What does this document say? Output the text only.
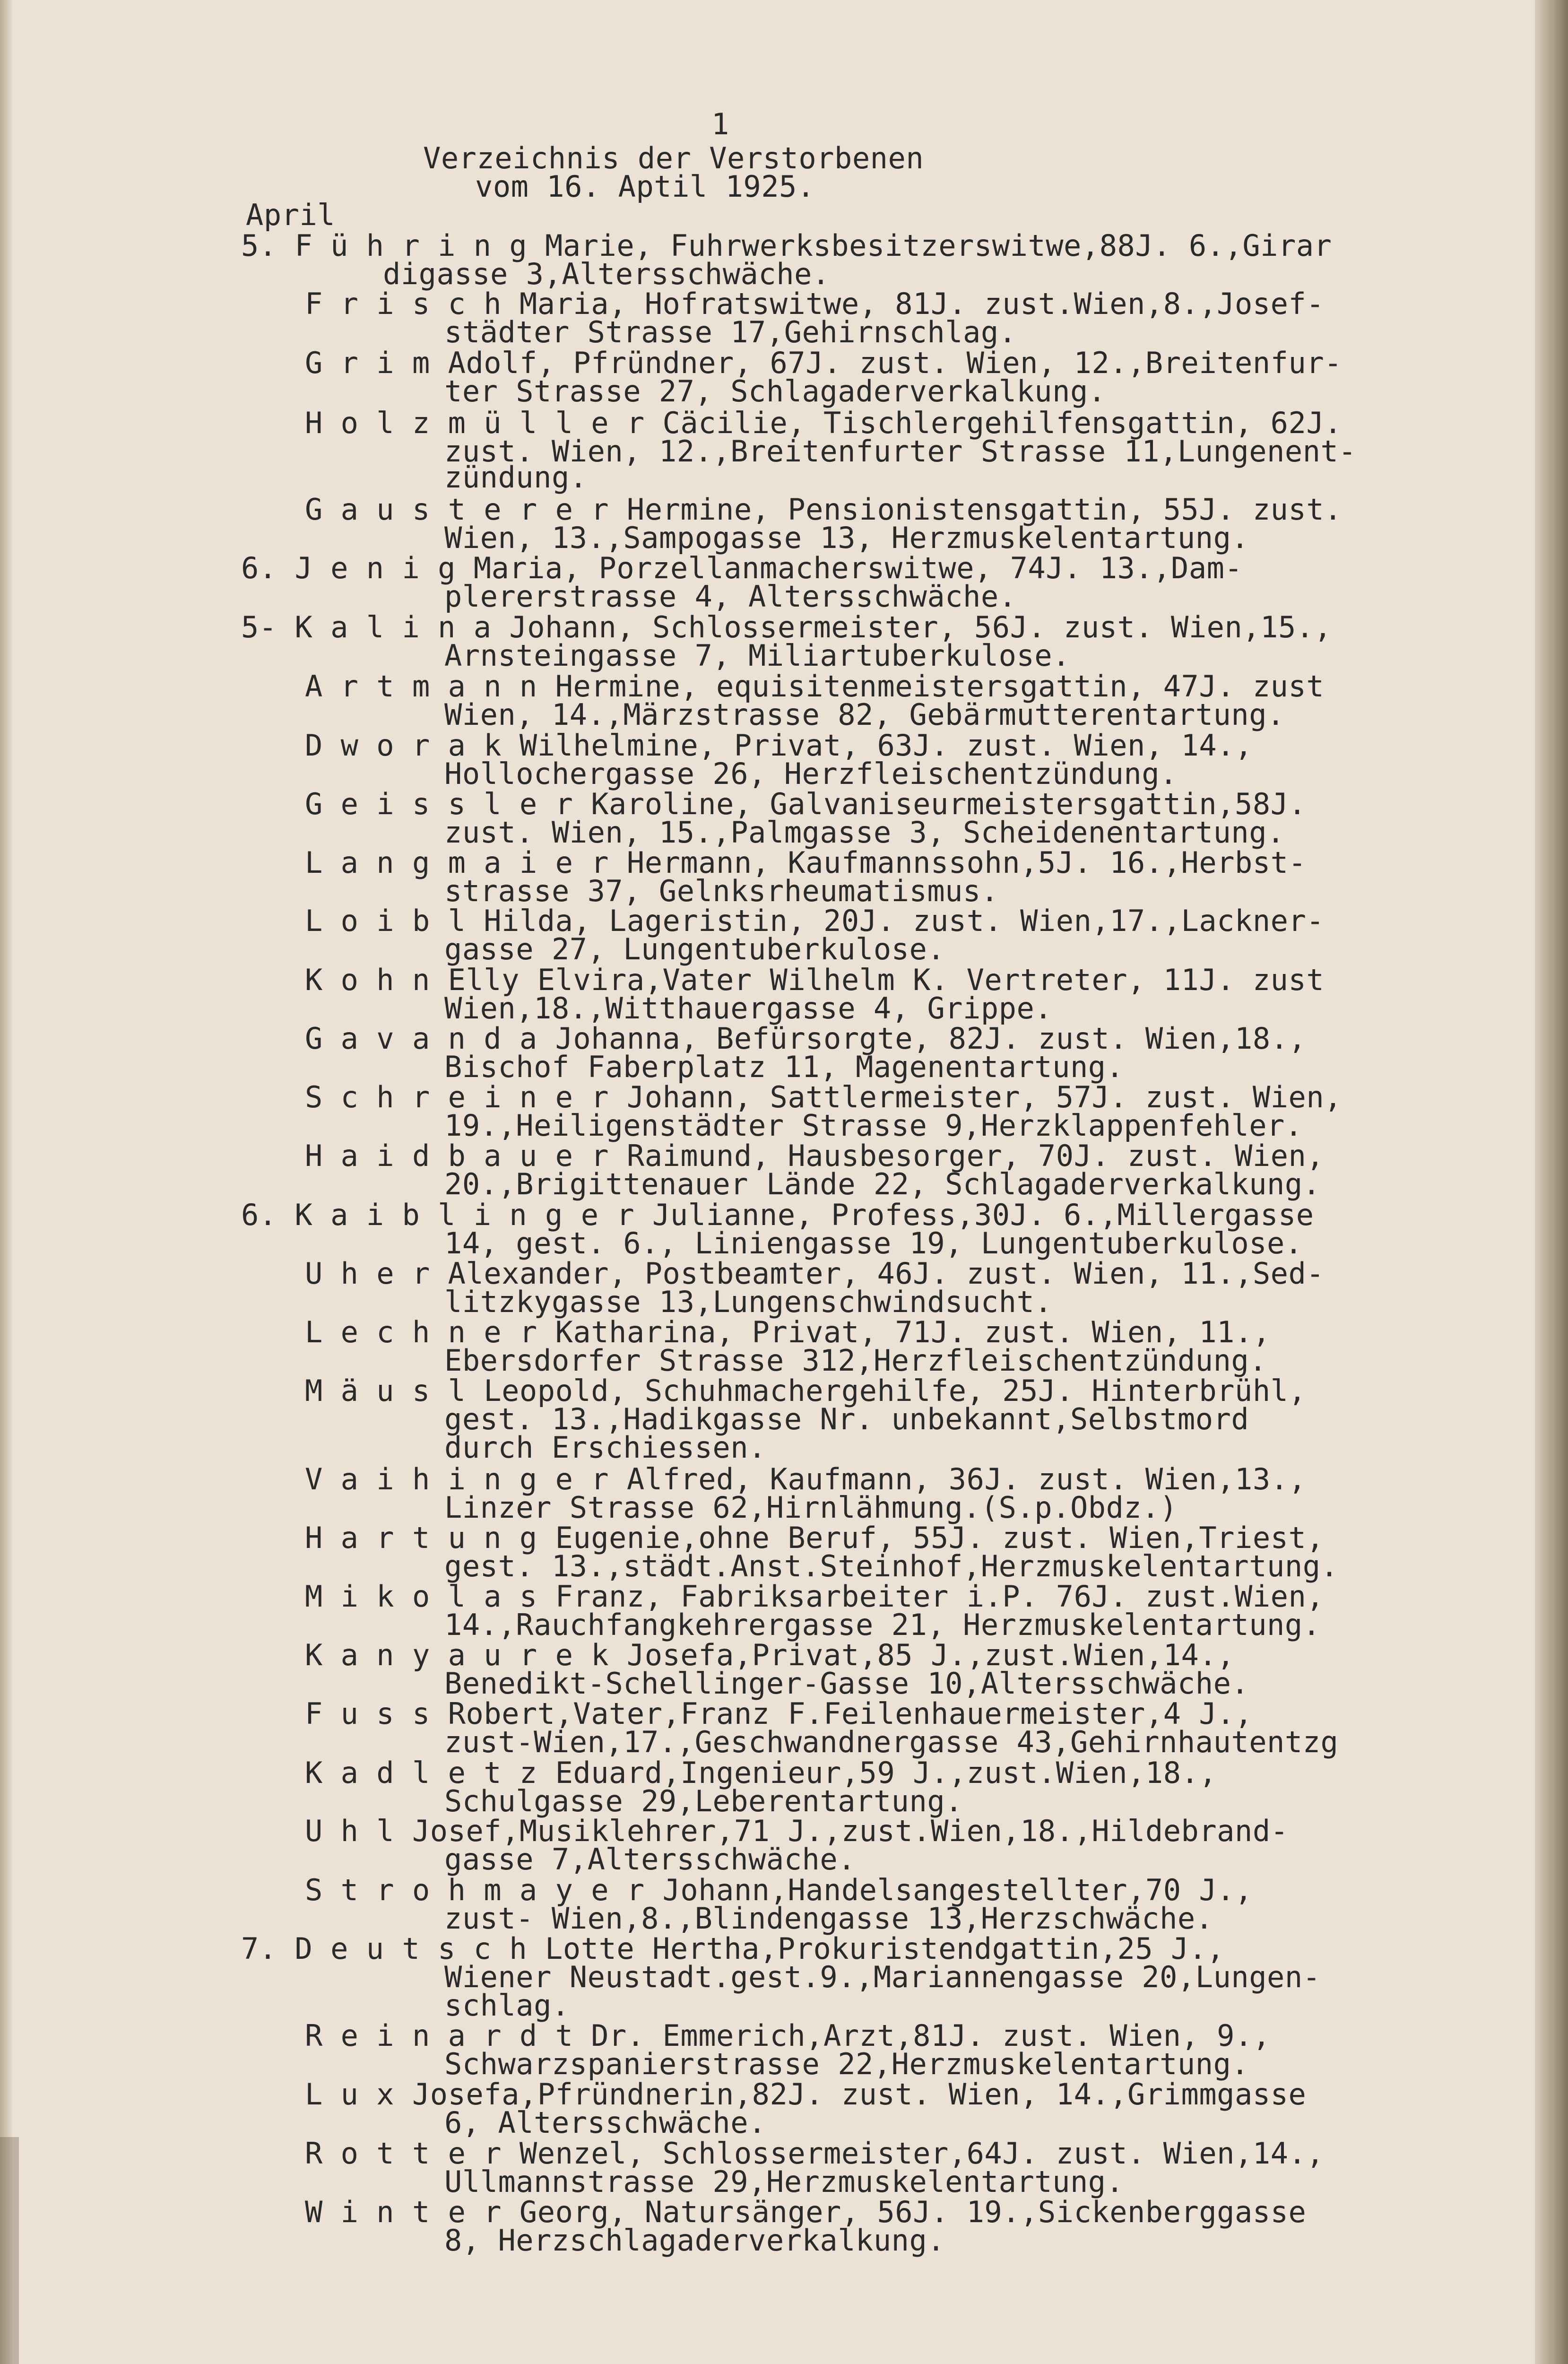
1
Verzeichnis der Verstorbenen
vom 16. Aptil 1925.
April
5. F ü h r i n g Marie, Fuhrwerksbesitzerswitwe,88J. 6.,Girar
digasse 3,Altersschwäche.
F r i s c h Maria, Hofratswitwe, 81J. zust.Wien,8.,Josef-
städter Strasse 17,Gehirnschlag.
G r i m Adolf, Pfründner, 67J. zust. Wien, 12.,Breitenfur-
ter Strasse 27, Schlagaderverkalkung.
H o l z m ü l l e r Cäcilie, Tischlergehilfensgattin, 62J.
zust. Wien, 12.,Breitenfurter Strasse 11,Lungenent-
zündung.
G a u s t e r e r Hermine, Pensionistensgattin, 55J. zust.
Wien, 13.,Sampogasse 13, Herzmuskelentartung.
6. J e n i g Maria, Porzellanmacherswitwe, 74J. 13.,Dam-
plererstrasse 4, Altersschwäche.
5- K a l i n a Johann, Schlossermeister, 56J. zust. Wien,15.,
Arnsteingasse 7, Miliartuberkulose.
A r t m a n n Hermine, equisitenmeistersgattin, 47J. zust
Wien, 14.,Märzstrasse 82, Gebärmutterentartung.
D w o r a k Wilhelmine, Privat, 63J. zust. Wien, 14.,
Hollochergasse 26, Herzfleischentzündung.
G e i s s l e r Karoline, Galvaniseurmeistersgattin,58J.
zust. Wien, 15.,Palmgasse 3, Scheidenentartung.
L a n g m a i e r Hermann, Kaufmannssohn,5J. 16.,Herbst-
strasse 37, Gelnksrheumatismus.
L o i b l Hilda, Lageristin, 20J. zust. Wien,17.,Lackner-
gasse 27, Lungentuberkulose.
K o h n Elly Elvira,Vater Wilhelm K. Vertreter, 11J. zust
Wien,18.,Witthauergasse 4, Grippe.
G a v a n d a Johanna, Befürsorgte, 82J. zust. Wien,18.,
Bischof Faberplatz 11, Magenentartung.
S c h r e i n e r Johann, Sattlermeister, 57J. zust. Wien,
19.,Heiligenstädter Strasse 9,Herzklappenfehler.
H a i d b a u e r Raimund, Hausbesorger, 70J. zust. Wien,
20.,Brigittenauer Lände 22, Schlagaderverkalkung.
6. K a i b l i n g e r Julianne, Profess,30J. 6.,Millergasse
14, gest. 6., Liniengasse 19, Lungentuberkulose.
U h e r Alexander, Postbeamter, 46J. zust. Wien, 11.,Sed-
litzkygasse 13,Lungenschwindsucht.
L e c h n e r Katharina, Privat, 71J. zust. Wien, 11.,
Ebersdorfer Strasse 312,Herzfleischentzündung.
M ä u s l Leopold, Schuhmachergehilfe, 25J. Hinterbrühl,
gest. 13.,Hadikgasse Nr. unbekannt,Selbstmord
durch Erschiessen.
V a i h i n g e r Alfred, Kaufmann, 36J. zust. Wien,13.,
Linzer Strasse 62,Hirnlähmung.(S.p.Obdz.)
H a r t u n g Eugenie,ohne Beruf, 55J. zust. Wien,Triest,
gest. 13.,städt.Anst.Steinhof,Herzmuskelentartung.
M i k o l a s Franz, Fabriksarbeiter i.P. 76J. zust.Wien,
14.,Rauchfangkehrergasse 21, Herzmuskelentartung.
K a n y a u r e k Josefa,Privat,85 J.,zust.Wien,14.,
Benedikt-Schellinger-Gasse 10,Altersschwäche.
F u s s Robert,Vater,Franz F.Feilenhauermeister,4 J.,
zust-Wien,17.,Geschwandnergasse 43,Gehirnhautentzg
K a d l e t z Eduard,Ingenieur,59 J.,zust.Wien,18.,
Schulgasse 29,Leberentartung.
U h l Josef,Musiklehrer,71 J.,zust.Wien,18.,Hildebrand-
gasse 7,Altersschwäche.
S t r o h m a y e r Johann,Handelsangestellter,70 J.,
zust- Wien,8.,Blindengasse 13,Herzschwäche.
7. D e u t s c h Lotte Hertha,Prokuristendgattin,25 J.,
Wiener Neustadt.gest.9.,Mariannengasse 20,Lungen-
schlag.
R e i n a r d t Dr. Emmerich,Arzt,81J. zust. Wien, 9.,
Schwarzspanierstrasse 22,Herzmuskelentartung.
L u x Josefa,Pfründnerin,82J. zust. Wien, 14.,Grimmgasse
6, Altersschwäche.
R o t t e r Wenzel, Schlossermeister,64J. zust. Wien,14.,
Ullmannstrasse 29,Herzmuskelentartung.
W i n t e r Georg, Natursänger, 56J. 19.,Sickenberggasse
8, Herzschlagaderverkalkung.
